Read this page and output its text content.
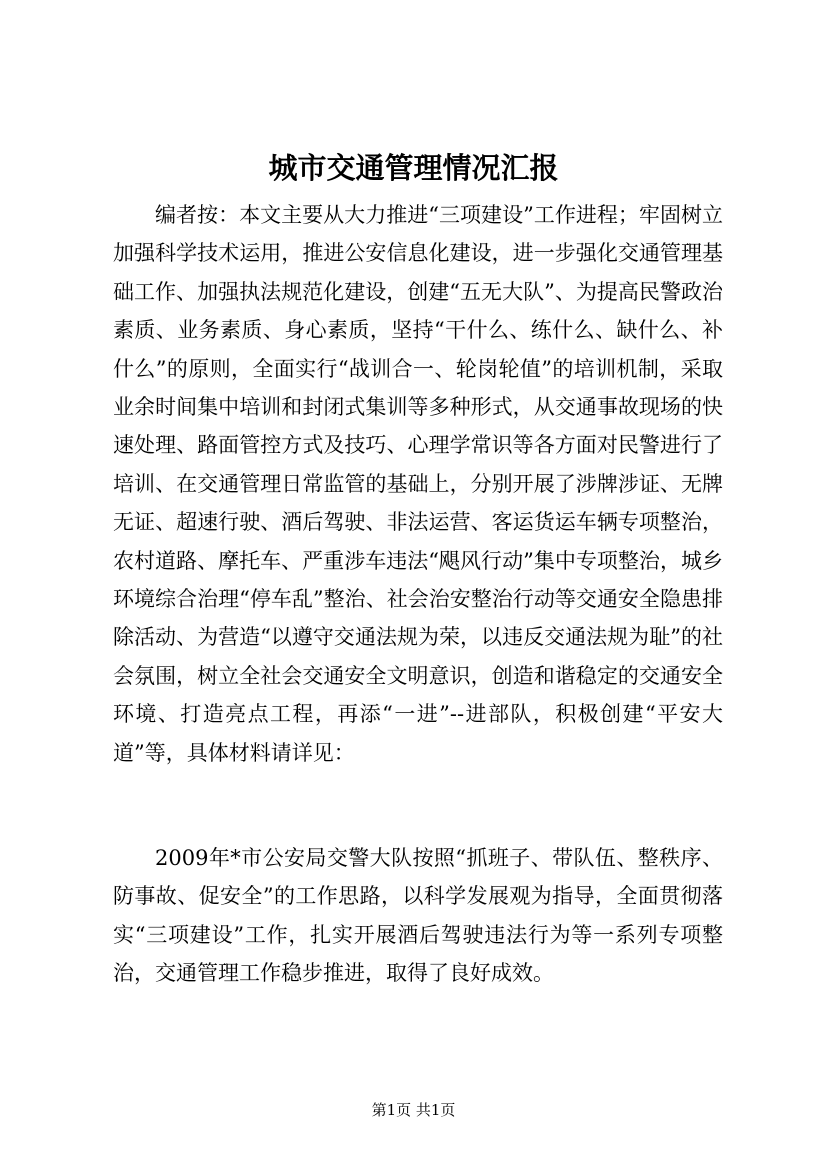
城市交通管理情况汇报
编者按：本文主要从大力推进“三项建设”工作进程；牢固树立加强科学技术运用，推进公安信息化建设，进一步强化交通管理基础工作、加强执法规范化建设，创建“五无大队”、为提高民警政治素质、业务素质、身心素质，坚持“干什么、练什么、缺什么、补什么”的原则，全面实行“战训合一、轮岗轮值”的培训机制，采取业余时间集中培训和封闭式集训等多种形式，从交通事故现场的快速处理、路面管控方式及技巧、心理学常识等各方面对民警进行了培训、在交通管理日常监管的基础上，分别开展了涉牌涉证、无牌无证、超速行驶、酒后驾驶、非法运营、客运货运车辆专项整治，农村道路、摩托车、严重涉车违法“飓风行动”集中专项整治，城乡环境综合治理“停车乱”整治、社会治安整治行动等交通安全隐患排除活动、为营造“以遵守交通法规为荣，以违反交通法规为耻”的社会氛围，树立全社会交通安全文明意识，创造和谐稳定的交通安全环境、打造亮点工程，再添“一进”--进部队，积极创建“平安大道”等，具体材料请详见：
2009年*市公安局交警大队按照“抓班子、带队伍、整秩序、防事故、促安全”的工作思路，以科学发展观为指导，全面贯彻落实“三项建设”工作，扎实开展酒后驾驶违法行为等一系列专项整治，交通管理工作稳步推进，取得了良好成效。
第1页 共1页
